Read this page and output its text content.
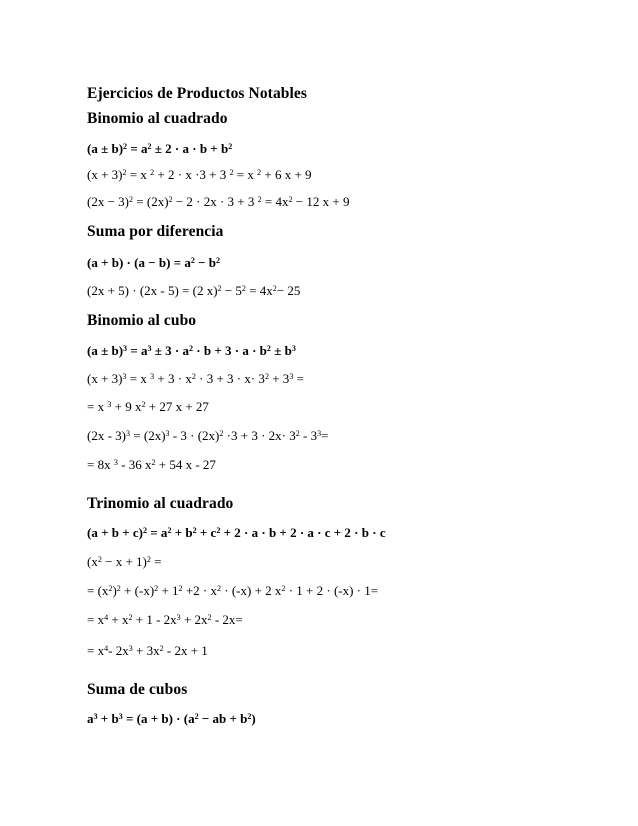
Ejercicios de Productos Notables
Binomio al cuadrado
$(a \pm b)^2 = a^2 \pm 2 \cdot a \cdot b + b^2$
$(x + 3)^2 = x$ $^2$ + 2 · x ·3 + 3 $^2$ = x $^2$ + 6 x + 9
$(2x - 3)^2 = (2x)^2 - 2 \cdot 2x \cdot 3 + 3$ $^2 = 4x^2 - 12$ x + 9
Suma por diferencia
$(a + b) \cdot (a - b) = a^2 - b^2$
(2x + 5) · (2x - 5) = (2 $x)^2 - 5^2 = 4x^2- 25$
Binomio al cubo
$(a \pm b)^3 = a^3 \pm 3 \cdot a^2 \cdot b + 3 \cdot a \cdot b^2 \pm b^3$
$(x + 3)^3 = x$ $^3 + 3 \cdot x^2 \cdot 3 + 3 \cdot x\cdot 3^2 + 3^3$ =
= x $^3$ + 9 $x^2 + 27$ x + 27
$(2x - 3)^3 = (2x)^3 - 3 \cdot (2x)^2 \cdot 3 + 3 \cdot 2x\cdot 3^2 - 3^3=$
= 8x $^3$ - 36 $x^2 + 54$ x - 27
Trinomio al cuadrado
$(a + b + c)^2 = a^2 + b^2 + c^2 + 2 \cdot a \cdot b + 2 \cdot a \cdot c + 2 \cdot b \cdot c$
$(x^2 - x + 1)^2$ =
= $(x^2)^2 + (-x)^2 + 1^2 +2 \cdot x^2 \cdot (-x) + 2$ $x^2 \cdot 1 + 2 \cdot (-x) \cdot 1=$
= $x^4 + x^2 + 1 - 2x^3 + 2x^2 - 2x=$
= $x^4-$ $2x^3 + 3x^2 - 2x + 1$
Suma de cubos
$a^3 + b^3 = (a + b) \cdot (a^2$ − ab + $b^2$)
